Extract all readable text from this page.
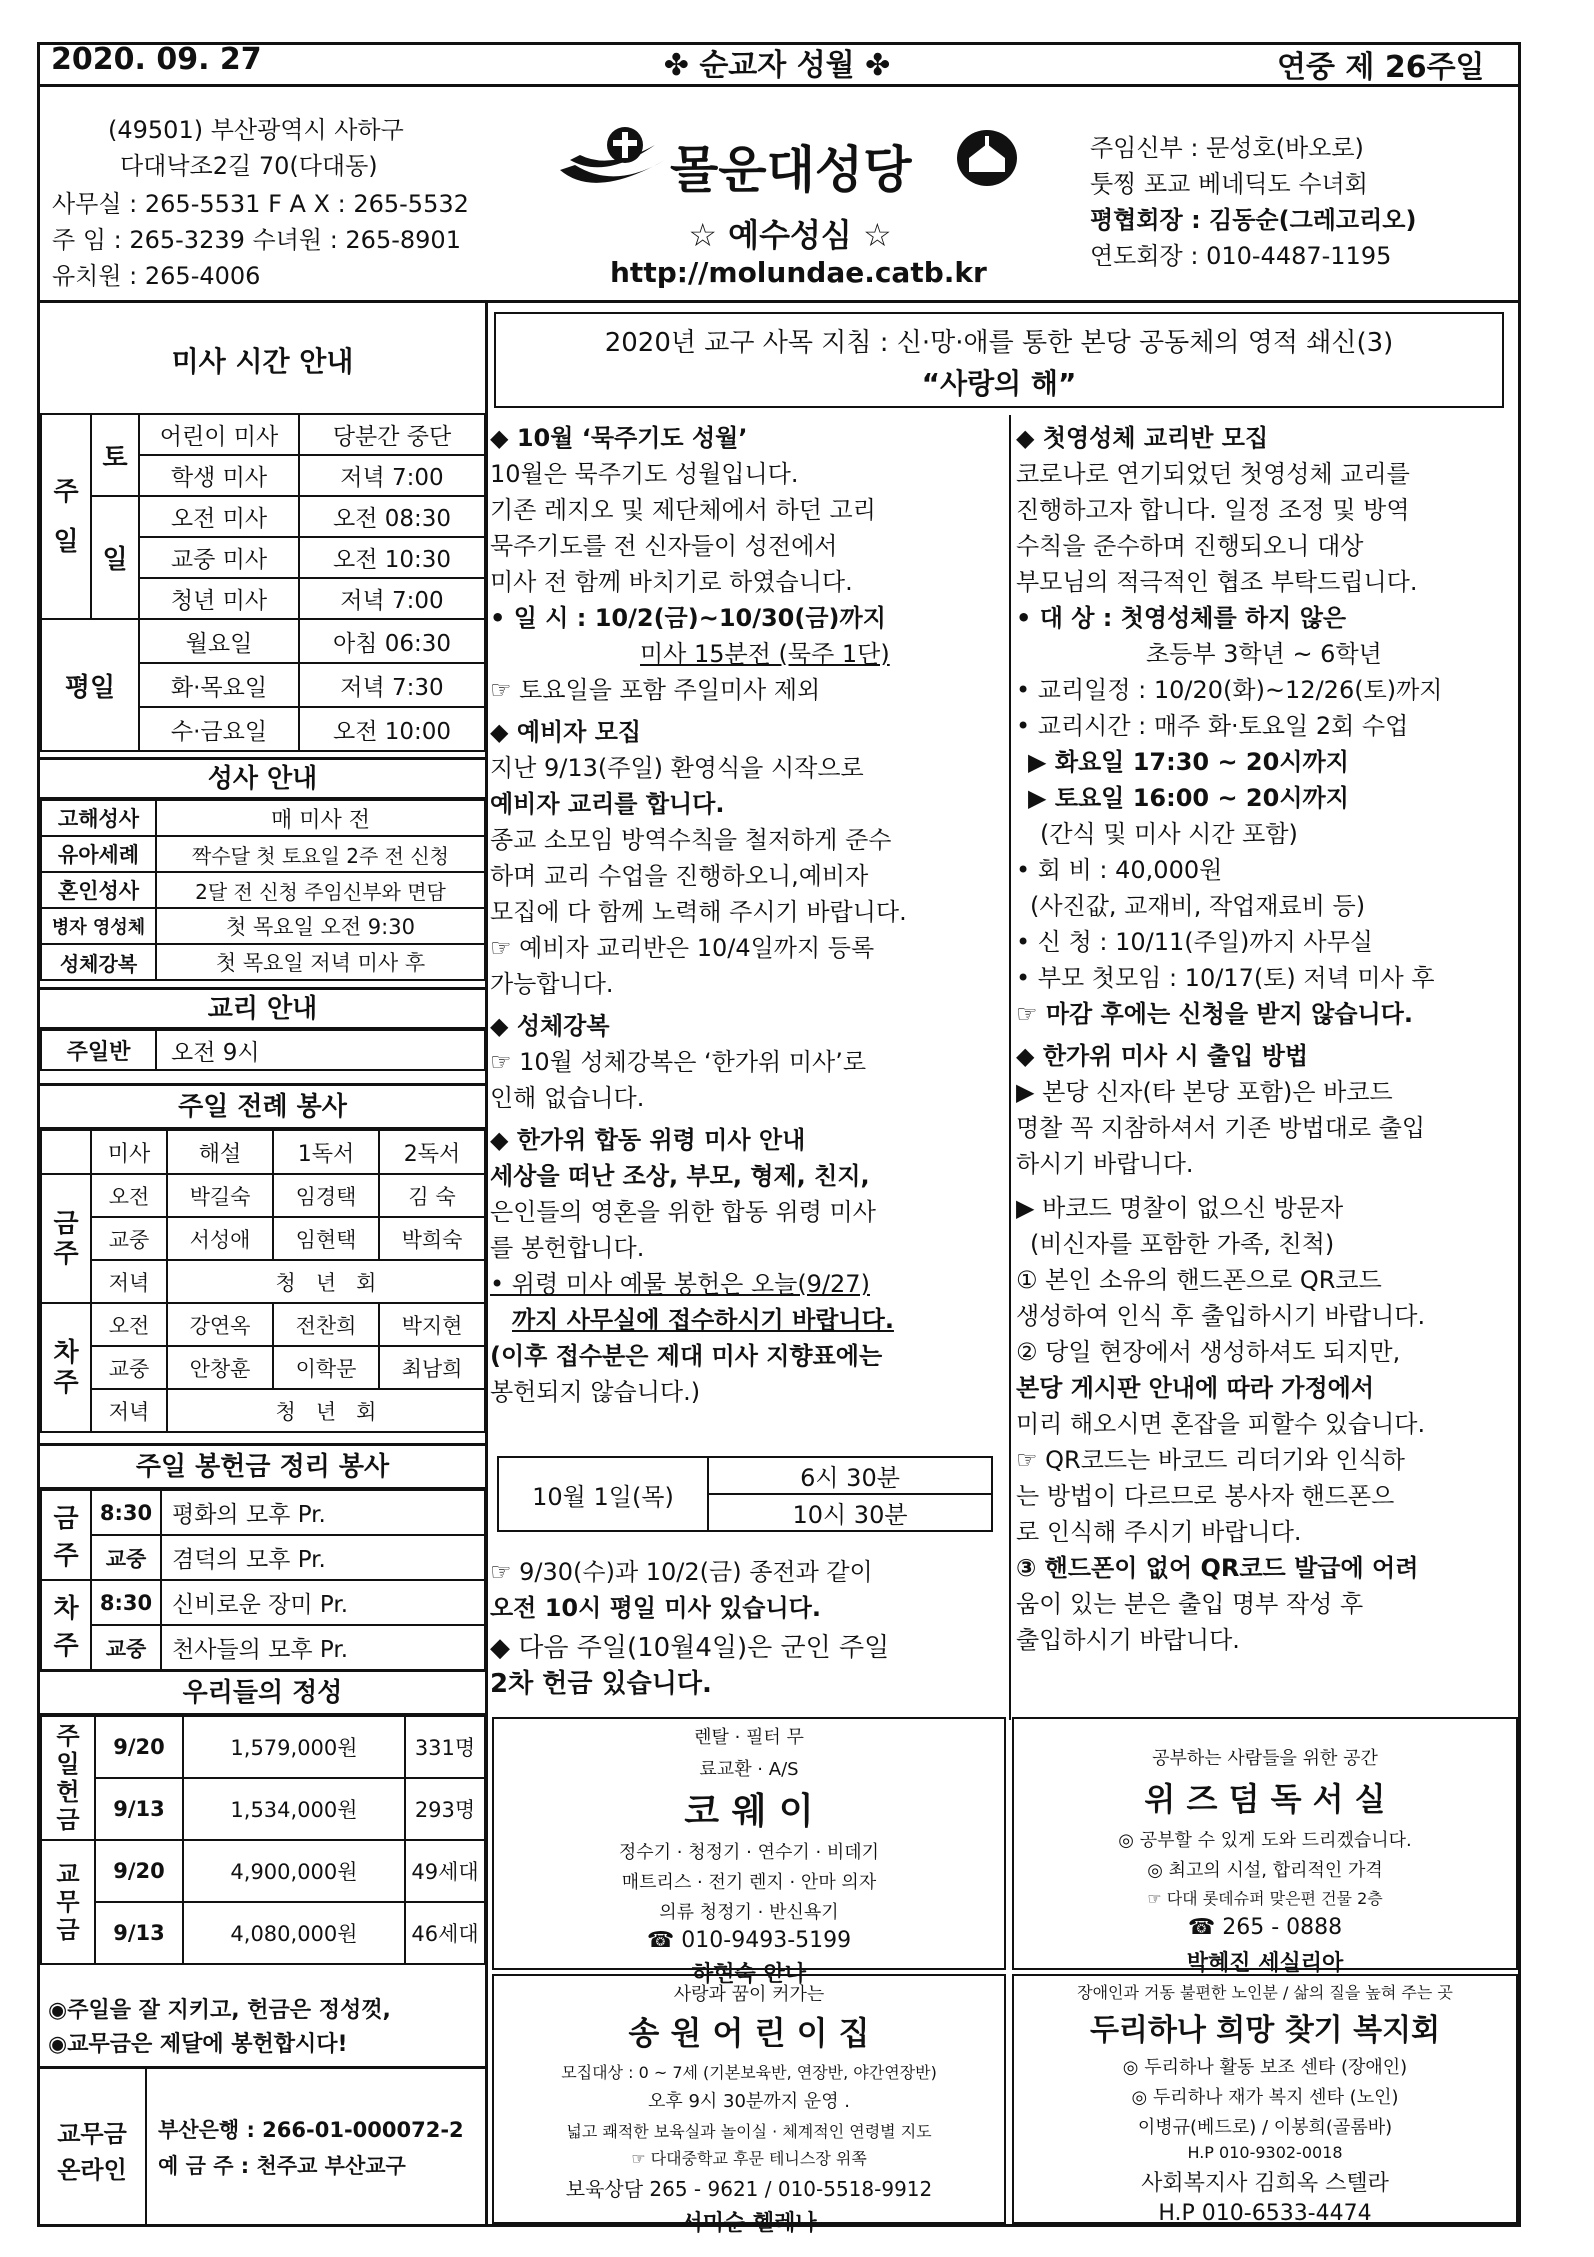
2020. 09. 27	✤ 순교자 성월 ✤	연중 제 26주일
(49501) 부산광역시 사하구
다대낙조2길 70(다대동)
사무실 : 265-5531 F A X : 265-5532
주 임 : 265-3239 수녀원 : 265-8901
유치원 : 265-4006
몰운대성당
☆ 예수성심 ☆
http://molundae.catb.kr
주임신부 : 문성호(바오로)
툿찡 포교 베네딕도 수녀회
평협회장 : 김동순(그레고리오)
연도회장 : 010-4487-1195
미사 시간 안내
주일	토	어린이 미사	당분간 중단
		학생 미사	저녁 7:00
	일	오전 미사	오전 08:30
		교중 미사	오전 10:30
		청년 미사	저녁 7:00
평일		월요일	아침 06:30
		화·목요일	저녁 7:30
		수·금요일	오전 10:00
성사 안내
고해성사	매 미사 전
유아세례	짝수달 첫 토요일 2주 전 신청
혼인성사	2달 전 신청 주임신부와 면담
병자 영성체	첫 목요일 오전 9:30
성체강복	첫 목요일 저녁 미사 후
교리 안내
주일반	오전 9시
주일 전례 봉사
	미사	해설	1독서	2독서
금주	오전	박길숙	임경택	김 숙
	교중	서성애	임현택	박희숙
	저녁	청   년   회		
차주	오전	강연옥	전찬희	박지현
	교중	안창훈	이학문	최남희
	저녁	청   년   회		
주일 봉헌금 정리 봉사
금주	8:30	평화의 모후 Pr.
	교중	겸덕의 모후 Pr.
차주	8:30	신비로운 장미 Pr.
	교중	천사들의 모후 Pr.
우리들의 정성
주일 헌금	9/20	1,579,000원	331명
	9/13	1,534,000원	293명
교무금	9/20	4,900,000원	49세대
	9/13	4,080,000원	46세대
◉주일을 잘 지키고, 헌금은 정성껏,
◉교무금은 제달에 봉헌합시다!
교무금
온라인
부산은행 : 266-01-000072-2
예 금 주 : 천주교 부산교구
2020년 교구 사목 지침 : 신·망·애를 통한 본당 공동체의 영적 쇄신(3)
“사랑의 해”
◆ 10월 ‘묵주기도 성월’
10월은 묵주기도 성월입니다.
기존 레지오 및 제단체에서 하던 고리
묵주기도를 전 신자들이 성전에서
미사 전 함께 바치기로 하였습니다.
• 일 시 : 10/2(금)~10/30(금)까지
미사 15분전 (묵주 1단)
☞ 토요일을 포함 주일미사 제외
◆ 예비자 모집
지난 9/13(주일) 환영식을 시작으로
예비자 교리를 합니다.
종교 소모임 방역수칙을 철저하게 준수
하며 교리 수업을 진행하오니,예비자
모집에 다 함께 노력해 주시기 바랍니다.
☞ 예비자 교리반은 10/4일까지 등록
가능합니다.
◆ 성체강복
☞ 10월 성체강복은 ‘한가위 미사’로
인해 없습니다.
◆ 한가위 합동 위령 미사 안내
세상을 떠난 조상, 부모, 형제, 친지,
은인들의 영혼을 위한 합동 위령 미사
를 봉헌합니다.
• 위령 미사 예물 봉헌은 오늘(9/27)
까지 사무실에 접수하시기 바랍니다.
(이후 접수분은 제대 미사 지향표에는
봉헌되지 않습니다.)
10월 1일(목)	6시 30분
10시 30분
☞ 9/30(수)과 10/2(금) 종전과 같이
오전 10시 평일 미사 있습니다.
◆ 다음 주일(10월4일)은 군인 주일
2차 헌금 있습니다.
◆ 첫영성체 교리반 모집
코로나로 연기되었던 첫영성체 교리를
진행하고자 합니다. 일정 조정 및 방역
수칙을 준수하며 진행되오니 대상
부모님의 적극적인 협조 부탁드립니다.
• 대 상 : 첫영성체를 하지 않은
초등부 3학년 ~ 6학년
• 교리일정 : 10/20(화)~12/26(토)까지
• 교리시간 : 매주 화·토요일 2회 수업
▶ 화요일 17:30 ~ 20시까지
▶ 토요일 16:00 ~ 20시까지
(간식 및 미사 시간 포함)
• 회 비 : 40,000원
(사진값, 교재비, 작업재료비 등)
• 신 청 : 10/11(주일)까지 사무실
• 부모 첫모임 : 10/17(토) 저녁 미사 후
☞ 마감 후에는 신청을 받지 않습니다.
◆ 한가위 미사 시 출입 방법
▶ 본당 신자(타 본당 포함)은 바코드
명찰 꼭 지참하셔서 기존 방법대로 출입
하시기 바랍니다.
▶ 바코드 명찰이 없으신 방문자
(비신자를 포함한 가족, 친척)
① 본인 소유의 핸드폰으로 QR코드
생성하여 인식 후 출입하시기 바랍니다.
② 당일 현장에서 생성하셔도 되지만,
본당 게시판 안내에 따라 가정에서
미리 해오시면 혼잡을 피할수 있습니다.
☞ QR코드는 바코드 리더기와 인식하
는 방법이 다르므로 봉사자 핸드폰으
로 인식해 주시기 바랍니다.
③ 핸드폰이 없어 QR코드 발급에 어려
움이 있는 분은 출입 명부 작성 후
출입하시기 바랍니다.
렌탈 · 필터 무
료교환 · A/S
코 웨 이
정수기 · 청정기 · 연수기 · 비데기
매트리스 · 전기 렌지 · 안마 의자
의류 청정기 · 반신욕기
☎ 010-9493-5199
하현숙 안나
공부하는 사람들을 위한 공간
위 즈 덤 독 서 실
◎ 공부할 수 있게 도와 드리겠습니다.
◎ 최고의 시설, 합리적인 가격
☞ 다대 롯데슈퍼 맞은편 건물 2층
☎ 265 - 0888
박혜진 세실리아
사랑과 꿈이 커가는
송 원 어 린 이 집
모집대상 : 0 ~ 7세 (기본보육반, 연장반, 야간연장반)
오후 9시 30분까지 운영 .
넓고 쾌적한 보육실과 놀이실 · 체계적인 연령별 지도
☞ 다대중학교 후문 테니스장 위쪽
보육상담 265 - 9621 / 010-5518-9912
서미순 헬레나
장애인과 거동 불편한 노인분 / 삶의 질을 높혀 주는 곳
두리하나 희망 찾기 복지회
◎ 두리하나 활동 보조 센타 (장애인)
◎ 두리하나 재가 복지 센타 (노인)
이병규(베드로) / 이봉희(골롬바)
H.P 010-9302-0018
사회복지사 김희옥 스텔라
H.P 010-6533-4474
